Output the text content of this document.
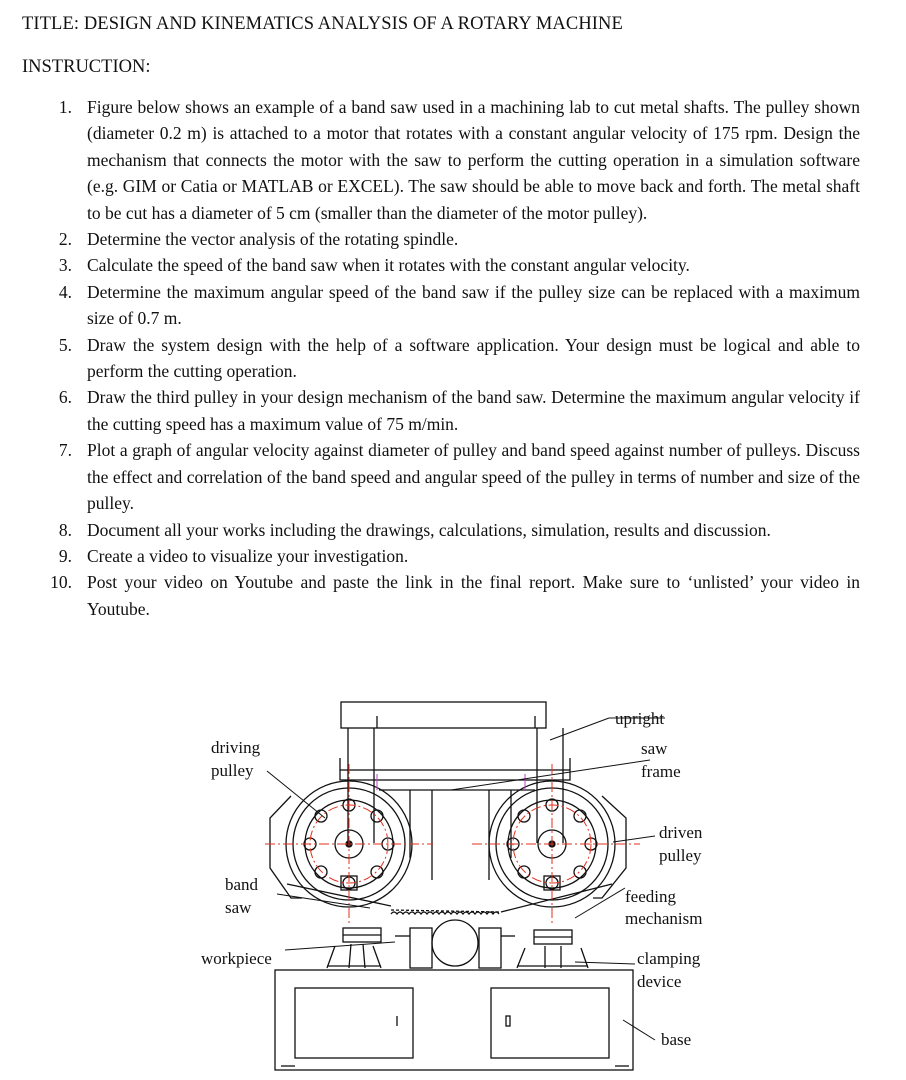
TITLE: DESIGN AND KINEMATICS ANALYSIS OF A ROTARY MACHINE
INSTRUCTION:
1. Figure below shows an example of a band saw used in a machining lab to cut metal shafts. The pulley shown (diameter 0.2 m) is attached to a motor that rotates with a constant angular velocity of 175 rpm. Design the mechanism that connects the motor with the saw to perform the cutting operation in a simulation software (e.g. GIM or Catia or MATLAB or EXCEL). The saw should be able to move back and forth. The metal shaft to be cut has a diameter of 5 cm (smaller than the diameter of the motor pulley).
2. Determine the vector analysis of the rotating spindle.
3. Calculate the speed of the band saw when it rotates with the constant angular velocity.
4. Determine the maximum angular speed of the band saw if the pulley size can be replaced with a maximum size of 0.7 m.
5. Draw the system design with the help of a software application. Your design must be logical and able to perform the cutting operation.
6. Draw the third pulley in your design mechanism of the band saw. Determine the maximum angular velocity if the cutting speed has a maximum value of 75 m/min.
7. Plot a graph of angular velocity against diameter of pulley and band speed against number of pulleys. Discuss the effect and correlation of the band speed and angular speed of the pulley in terms of number and size of the pulley.
8. Document all your works including the drawings, calculations, simulation, results and discussion.
9. Create a video to visualize your investigation.
10. Post your video on Youtube and paste the link in the final report. Make sure to ‘unlisted’ your video in Youtube.
driving
pulley
band
saw
workpiece
upright
saw
frame
driven
pulley
feeding
mechanism
clamping
device
base
